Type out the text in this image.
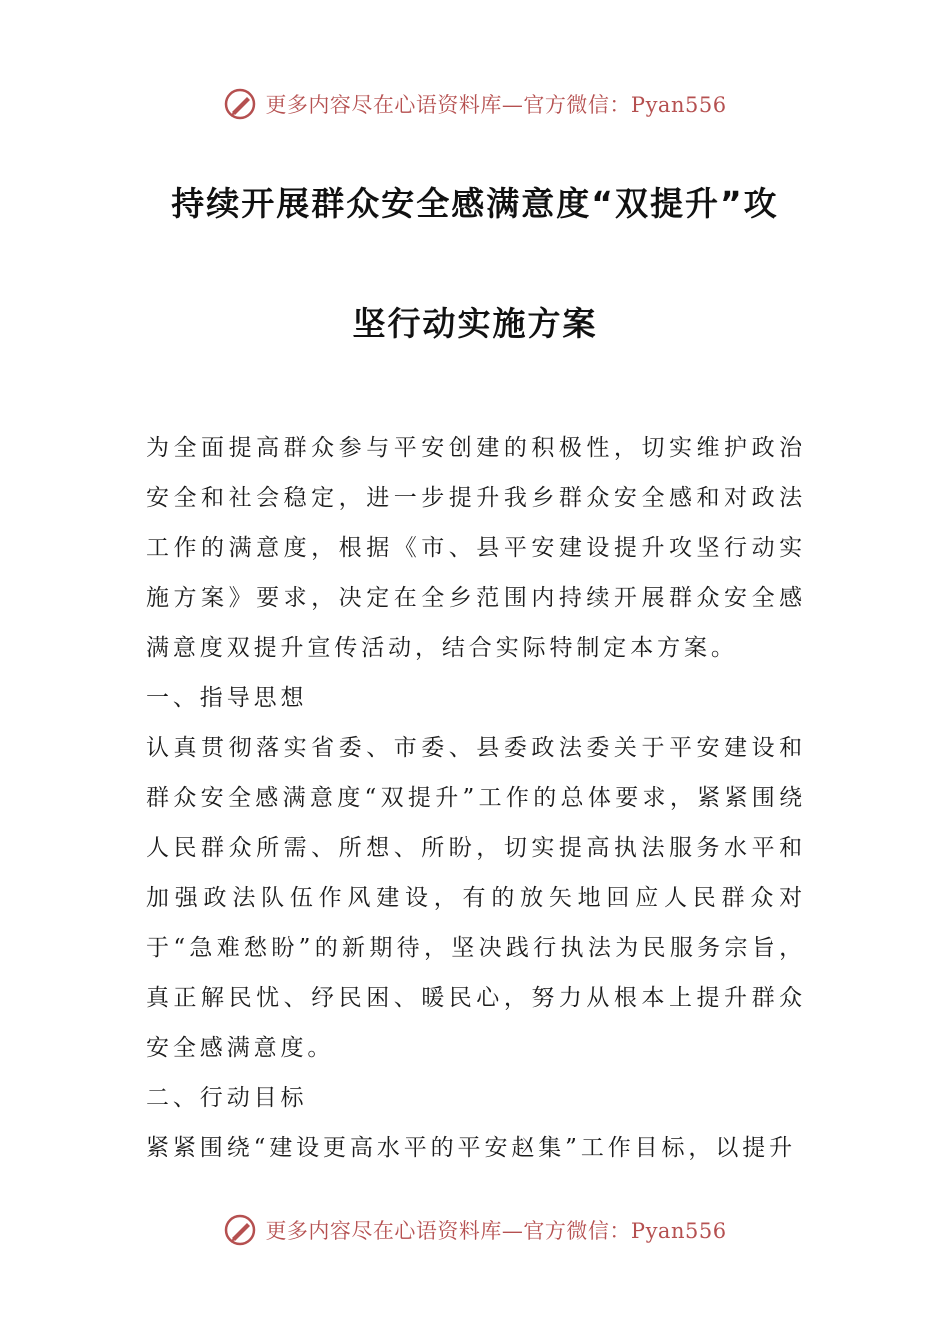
更多内容尽在心语资料库—官方微信：Pyan556
持续开展群众安全感满意度“双提升”攻
坚行动实施方案

为全面提高群众参与平安创建的积极性，切实维护政治安全和社会稳定，进一步提升我乡群众安全感和对政法工作的满意度，根据《市、县平安建设提升攻坚行动实施方案》要求，决定在全乡范围内持续开展群众安全感满意度双提升宣传活动，结合实际特制定本方案。

一、指导思想

认真贯彻落实省委、市委、县委政法委关于平安建设和群众安全感满意度“双提升”工作的总体要求，紧紧围绕人民群众所需、所想、所盼，切实提高执法服务水平和加强政法队伍作风建设，有的放矢地回应人民群众对于“急难愁盼”的新期待，坚决践行执法为民服务宗旨，真正解民忧、纾民困、暖民心，努力从根本上提升群众安全感满意度。

二、行动目标

紧紧围绕“建设更高水平的平安赵集”工作目标，以提升

更多内容尽在心语资料库—官方微信：Pyan556
